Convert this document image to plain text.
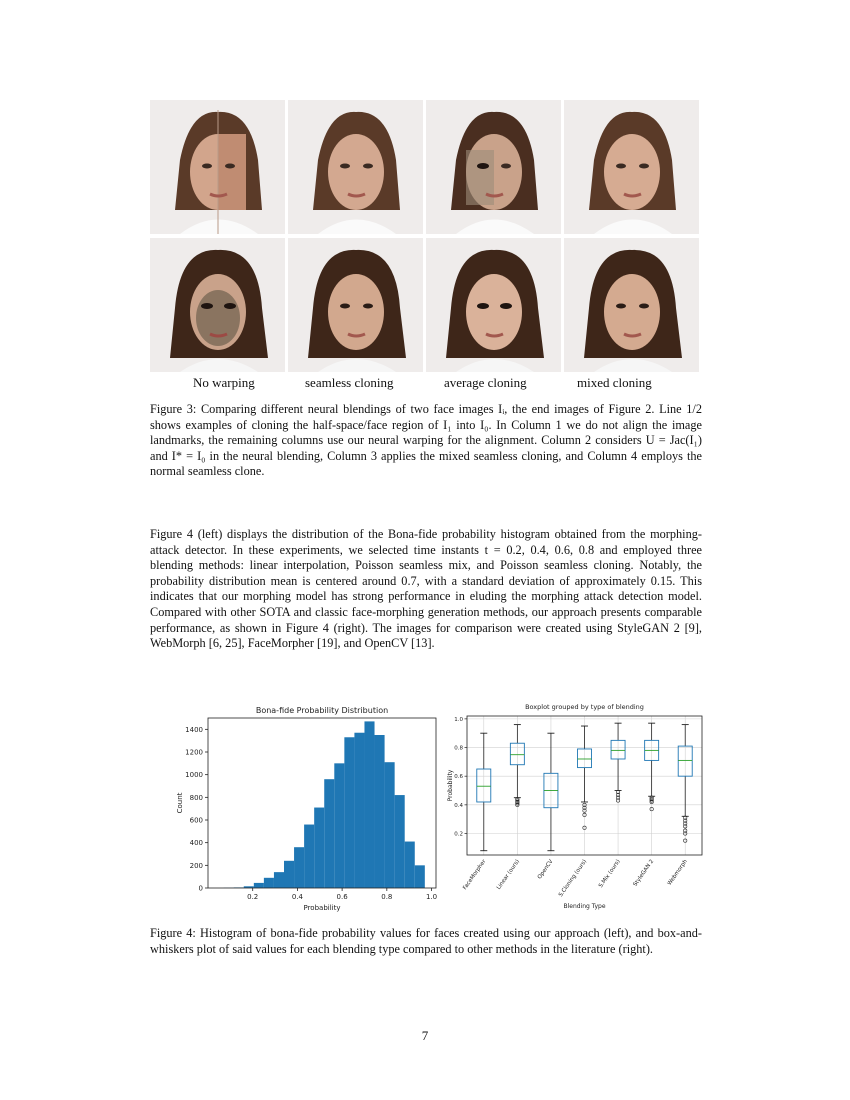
No warping	seamless cloning	average cloning	mixed cloning
Figure 3: Comparing different neural blendings of two face images Iᵢ, the end images of Figure 2. Line 1/2 shows examples of cloning the half-space/face region of I₁ into I₀. In Column 1 we do not align the image landmarks, the remaining columns use our neural warping for the alignment. Column 2 considers U = Jac(I₁) and I* = I₀ in the neural blending, Column 3 applies the mixed seamless cloning, and Column 4 employs the normal seamless clone.
Figure 4 (left) displays the distribution of the Bona-fide probability histogram obtained from the morphing-attack detector. In these experiments, we selected time instants t = 0.2, 0.4, 0.6, 0.8 and employed three blending methods: linear interpolation, Poisson seamless mix, and Poisson seamless cloning. Notably, the probability distribution mean is centered around 0.7, with a standard deviation of approximately 0.15. This indicates that our morphing model has strong performance in eluding the morphing attack detection model. Compared with other SOTA and classic face-morphing generation methods, our approach presents comparable performance, as shown in Figure 4 (right). The images for comparison were created using StyleGAN 2 [9], WebMorph [6, 25], FaceMorpher [19], and OpenCV [13].
Bona-fide Probability Distribution
0.2	0.4	0.6	0.8	1.0
0
200
400
600
800
1000
1200
1400
Probability
Count
Boxplot grouped by type of blending
FaceMorpher Linear (ours)	OpenCV S.Cloning (ours) S.Mix (ours) StyleGAN 2 Webmorph
0.2
0.4
0.6
0.8
1.0
Blending Type
Probability
Figure 4: Histogram of bona-fide probability values for faces created using our approach (left), and box-and-whiskers plot of said values for each blending type compared to other methods in the literature (right).
7
